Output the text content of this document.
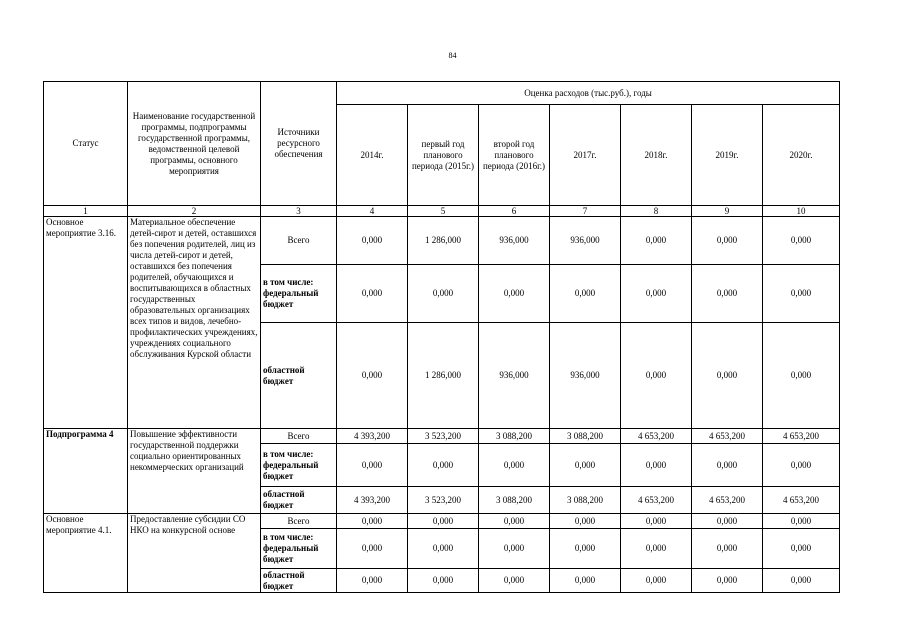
84
Статус	Наименование государственной программы, подпрограммы государственной программы, ведомственной целевой программы, основного мероприятия	Источники ресурсного обеспечения	Оценка расходов (тыс.руб.), годы						
			2014г.	первый год планового периода (2015г.)	второй год планового периода (2016г.)	2017г.	2018г.	2019г.	2020г.
1	2	3	4	5	6	7	8	9	10
Основное мероприятие 3.16.	Материальное обеспечение детей-сирот и детей, оставшихся без попечения родителей, лиц из числа детей-сирот и детей, оставшихся без попечения родителей, обучающихся и воспитывающихся в областных государственных образовательных организациях всех типов и видов, лечебно-профилактических учреждениях, учреждениях социального обслуживания Курской области	Всего	0,000	1 286,000	936,000	936,000	0,000	0,000	0,000
		в том числе: федеральный бюджет	0,000	0,000	0,000	0,000	0,000	0,000	0,000
		областной бюджет	0,000	1 286,000	936,000	936,000	0,000	0,000	0,000
Подпрограмма 4	Повышение эффективности государственной поддержки социально ориентированных некоммерческих организаций	Всего	4 393,200	3 523,200	3 088,200	3 088,200	4 653,200	4 653,200	4 653,200
		в том числе: федеральный бюджет	0,000	0,000	0,000	0,000	0,000	0,000	0,000
		областной бюджет	4 393,200	3 523,200	3 088,200	3 088,200	4 653,200	4 653,200	4 653,200
Основное мероприятие 4.1.	Предоставление субсидии СО НКО на конкурсной основе	Всего	0,000	0,000	0,000	0,000	0,000	0,000	0,000
		в том числе: федеральный бюджет	0,000	0,000	0,000	0,000	0,000	0,000	0,000
		областной бюджет	0,000	0,000	0,000	0,000	0,000	0,000	0,000
